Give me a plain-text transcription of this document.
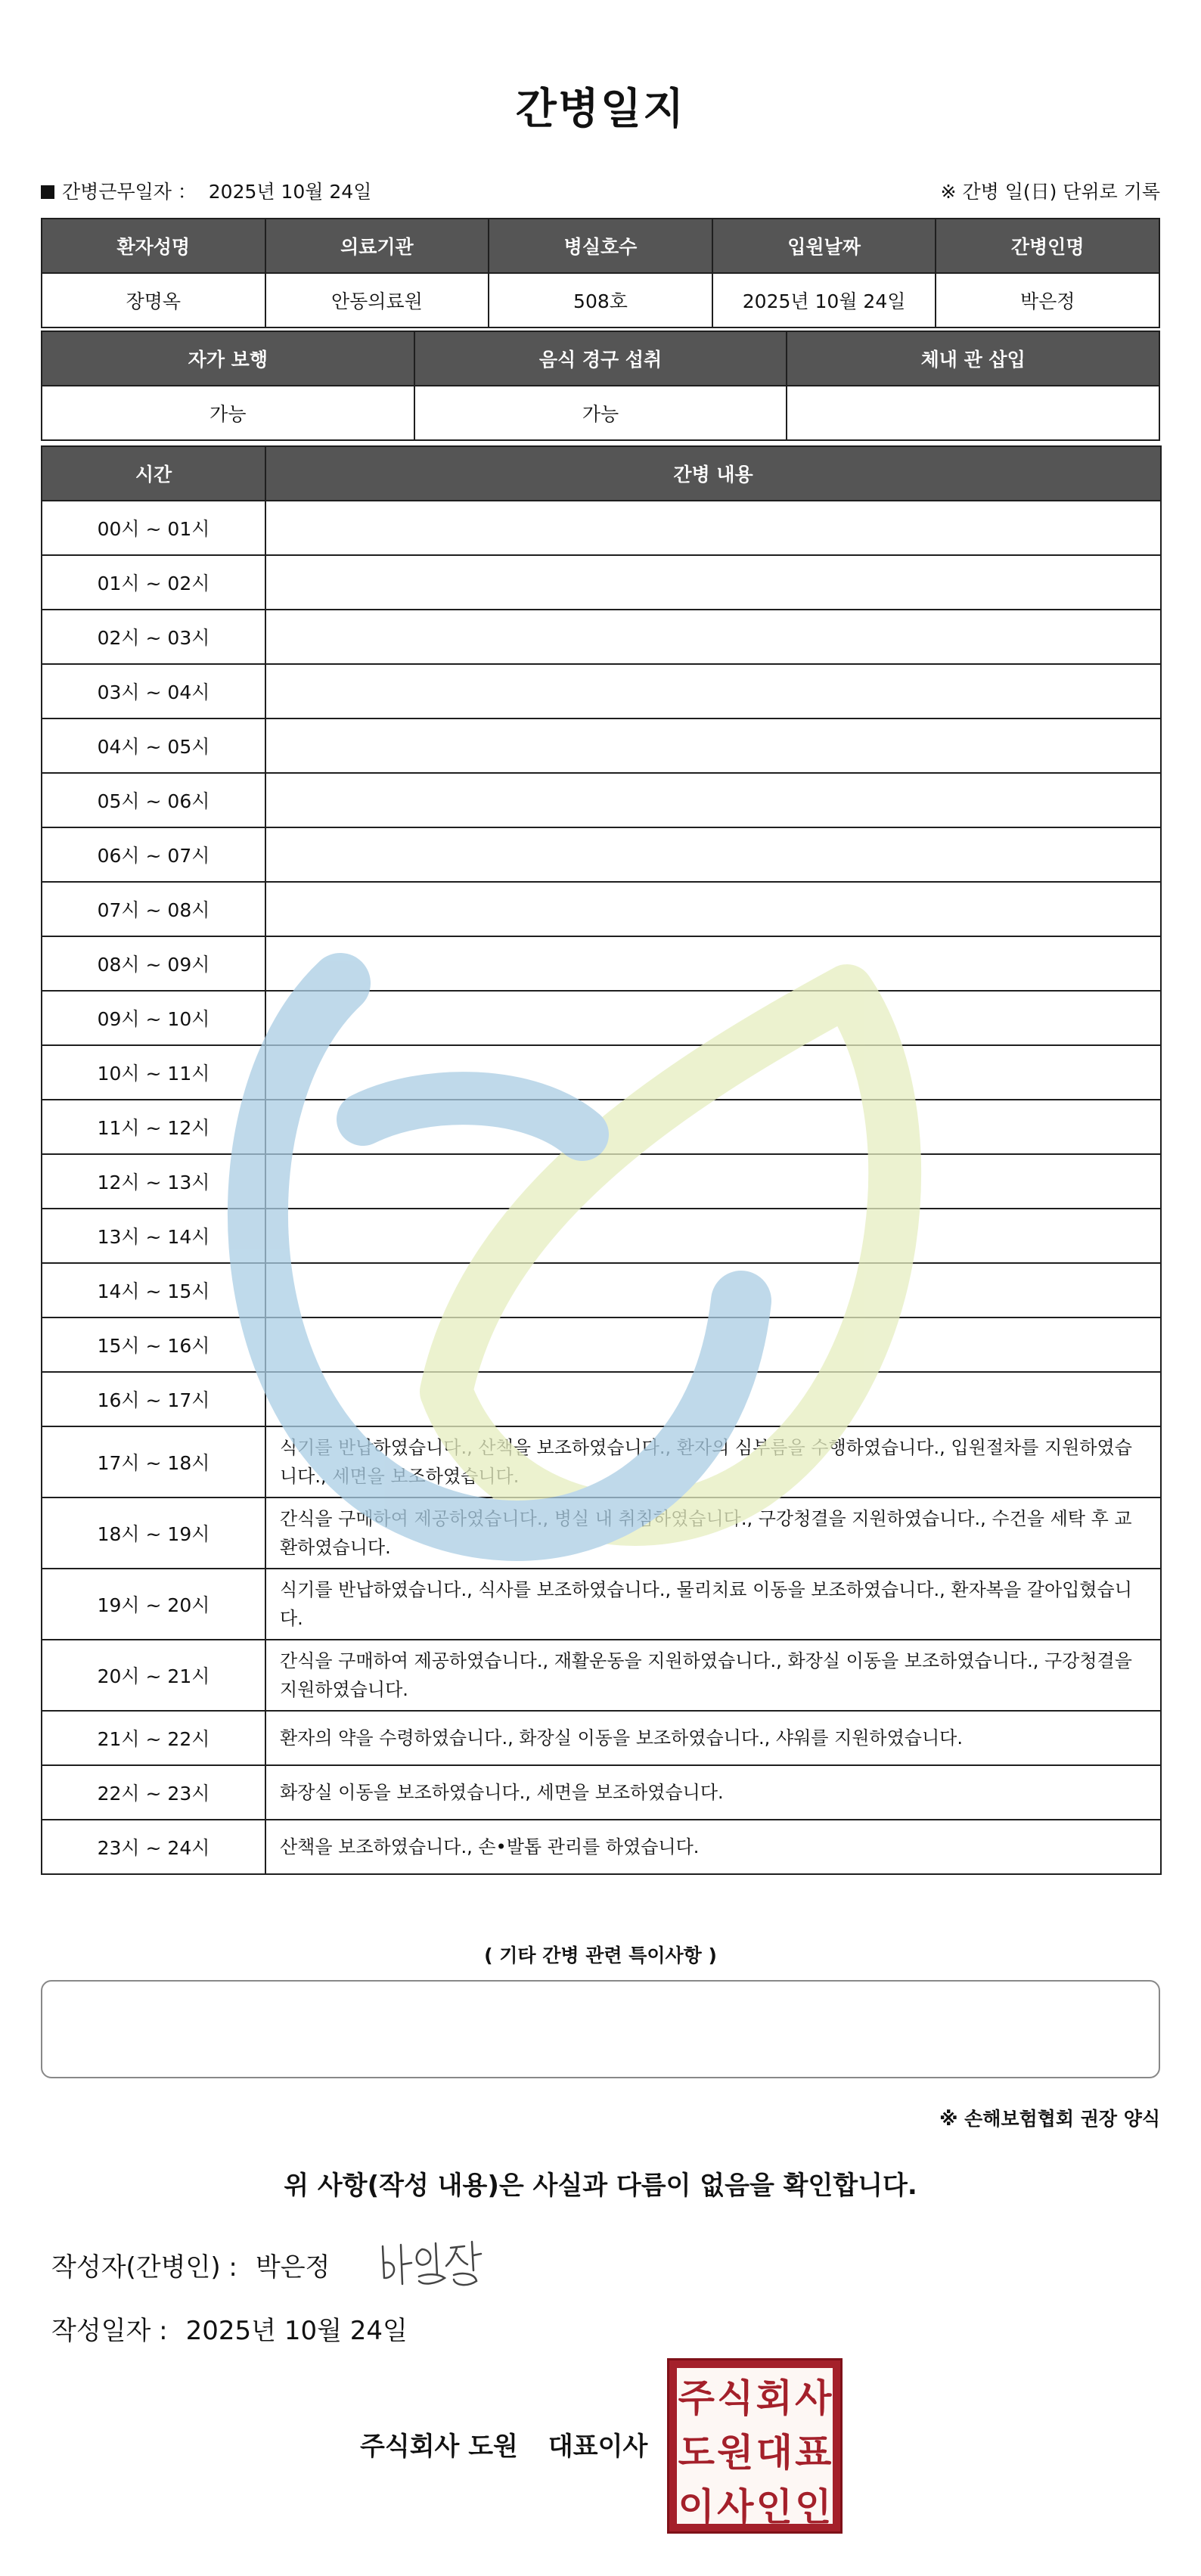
간병일지
간병근무일자 ： 2025년 10월 24일	※ 간병 일(日) 단위로 기록
환자성명	의료기관	병실호수	입원날짜	간병인명
장명옥	안동의료원	508호	2025년 10월 24일	박은정
자가 보행	음식 경구 섭취	체내 관 삽입
가능	가능	
시간	간병 내용
00시 ~ 01시	
01시 ~ 02시	
02시 ~ 03시	
03시 ~ 04시	
04시 ~ 05시	
05시 ~ 06시	
06시 ~ 07시	
07시 ~ 08시	
08시 ~ 09시	
09시 ~ 10시	
10시 ~ 11시	
11시 ~ 12시	
12시 ~ 13시	
13시 ~ 14시	
14시 ~ 15시	
15시 ~ 16시	
16시 ~ 17시	
17시 ~ 18시	식기를 반납하였습니다., 산책을 보조하였습니다., 환자의 심부름을 수행하였습니다., 입원절차를 지원하였습니다., 세면을 보조하였습니다.
18시 ~ 19시	간식을 구매하여 제공하였습니다., 병실 내 취침하였습니다., 구강청결을 지원하였습니다., 수건을 세탁 후 교환하였습니다.
19시 ~ 20시	식기를 반납하였습니다., 식사를 보조하였습니다., 물리치료 이동을 보조하였습니다., 환자복을 갈아입혔습니다.
20시 ~ 21시	간식을 구매하여 제공하였습니다., 재활운동을 지원하였습니다., 화장실 이동을 보조하였습니다., 구강청결을 지원하였습니다.
21시 ~ 22시	환자의 약을 수령하였습니다., 화장실 이동을 보조하였습니다., 샤워를 지원하였습니다.
22시 ~ 23시	화장실 이동을 보조하였습니다., 세면을 보조하였습니다.
23시 ~ 24시	산책을 보조하였습니다., 손•발톱 관리를 하였습니다.
( 기타 간병 관련 특이사항 )
※ 손해보험협회 권장 양식
위 사항(작성 내용)은 사실과 다름이 없음을 확인합니다.
작성자(간병인) : 박은정
작성일자 : 2025년 10월 24일
주식회사 도원 대표이사
주 식 회 사
도 원 대 표
이 사 인 인
